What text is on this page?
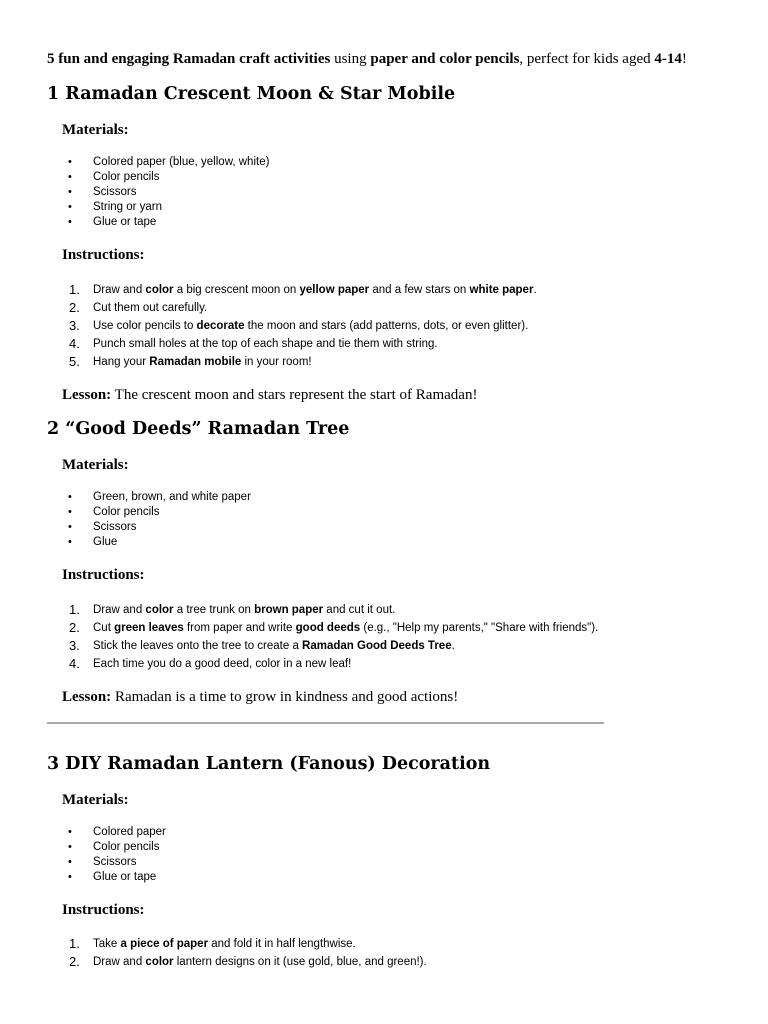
5 fun and engaging Ramadan craft activities using paper and color pencils, perfect for kids aged 4-14!
1 Ramadan Crescent Moon & Star Mobile
Materials:
• Colored paper (blue, yellow, white)
• Color pencils
• Scissors
• String or yarn
• Glue or tape
Instructions:
1. Draw and color a big crescent moon on yellow paper and a few stars on white paper.
2. Cut them out carefully.
3. Use color pencils to decorate the moon and stars (add patterns, dots, or even glitter).
4. Punch small holes at the top of each shape and tie them with string.
5. Hang your Ramadan mobile in your room!
Lesson: The crescent moon and stars represent the start of Ramadan!
2 “Good Deeds” Ramadan Tree
Materials:
• Green, brown, and white paper
• Color pencils
• Scissors
• Glue
Instructions:
1. Draw and color a tree trunk on brown paper and cut it out.
2. Cut green leaves from paper and write good deeds (e.g., "Help my parents," "Share with friends").
3. Stick the leaves onto the tree to create a Ramadan Good Deeds Tree.
4. Each time you do a good deed, color in a new leaf!
Lesson: Ramadan is a time to grow in kindness and good actions!
3 DIY Ramadan Lantern (Fanous) Decoration
Materials:
• Colored paper
• Color pencils
• Scissors
• Glue or tape
Instructions:
1. Take a piece of paper and fold it in half lengthwise.
2. Draw and color lantern designs on it (use gold, blue, and green!).
